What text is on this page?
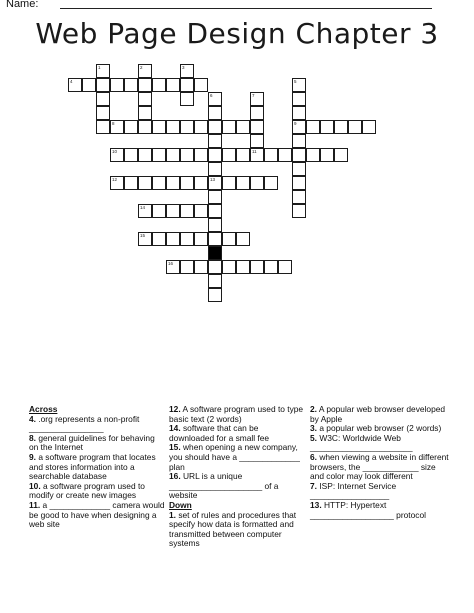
Name:
Web Page Design Chapter 3
1	2	3
4	5
9
6
13
7
11
8
10
12
14
15
16
Across
4. .org represents a non-profit ________________
8. general guidelines for behaving on the Internet
9. a software program that locates and stores information into a searchable database
10. a software program used to modify or create new images
11. a _____________ camera would be good to have when designing a web site
12. A software program used to type basic text (2 words)
14. software that can be downloaded for a small fee
15. when opening a new company, you should have a _____________ plan
16. URL is a unique ____________________ of a website
Down
1. set of rules and procedures that specify how data is formatted and transmitted between computer systems
2. A popular web browser developed by Apple
3. a popular web browser (2 words)
5. W3C: Worldwide Web ______________________
6. when viewing a website in different browsers, the ____________ size and color may look different
7. ISP: Internet Service _________________
13. HTTP: Hypertext __________________ protocol
